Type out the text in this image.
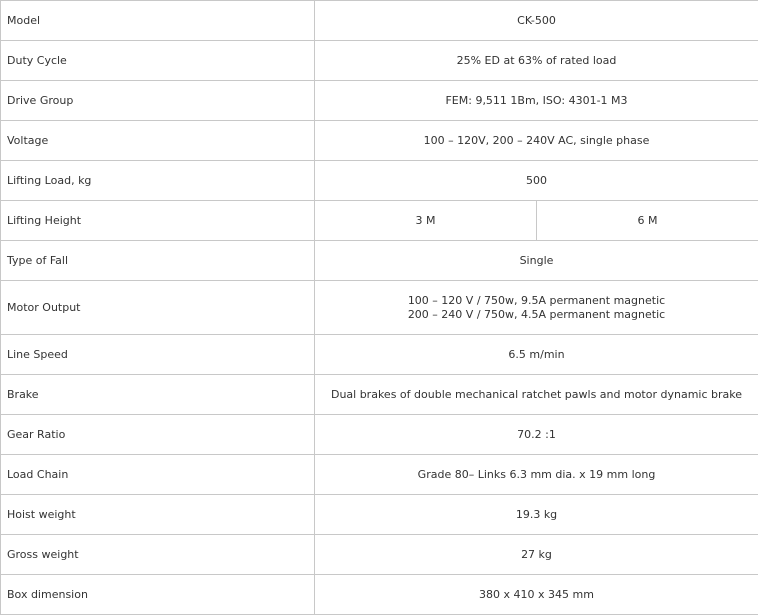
Model	CK-500	
Duty Cycle	25% ED at 63% of rated load	
Drive Group	FEM: 9,511 1Bm, ISO: 4301-1 M3	
Voltage	100 – 120V, 200 – 240V AC, single phase	
Lifting Load, kg	500	
Lifting Height	3 M	6 M
Type of Fall	Single	
Motor Output	100 – 120 V / 750w, 9.5A permanent magnetic
200 – 240 V / 750w, 4.5A permanent magnetic	

Line Speed	6.5 m/min	
Brake	Dual brakes of double mechanical ratchet pawls and motor dynamic brake	
Gear Ratio	70.2 :1	
Load Chain	Grade 80– Links 6.3 mm dia. x 19 mm long	
Hoist weight	19.3 kg	
Gross weight	27 kg	
Box dimension	380 x 410 x 345 mm	
